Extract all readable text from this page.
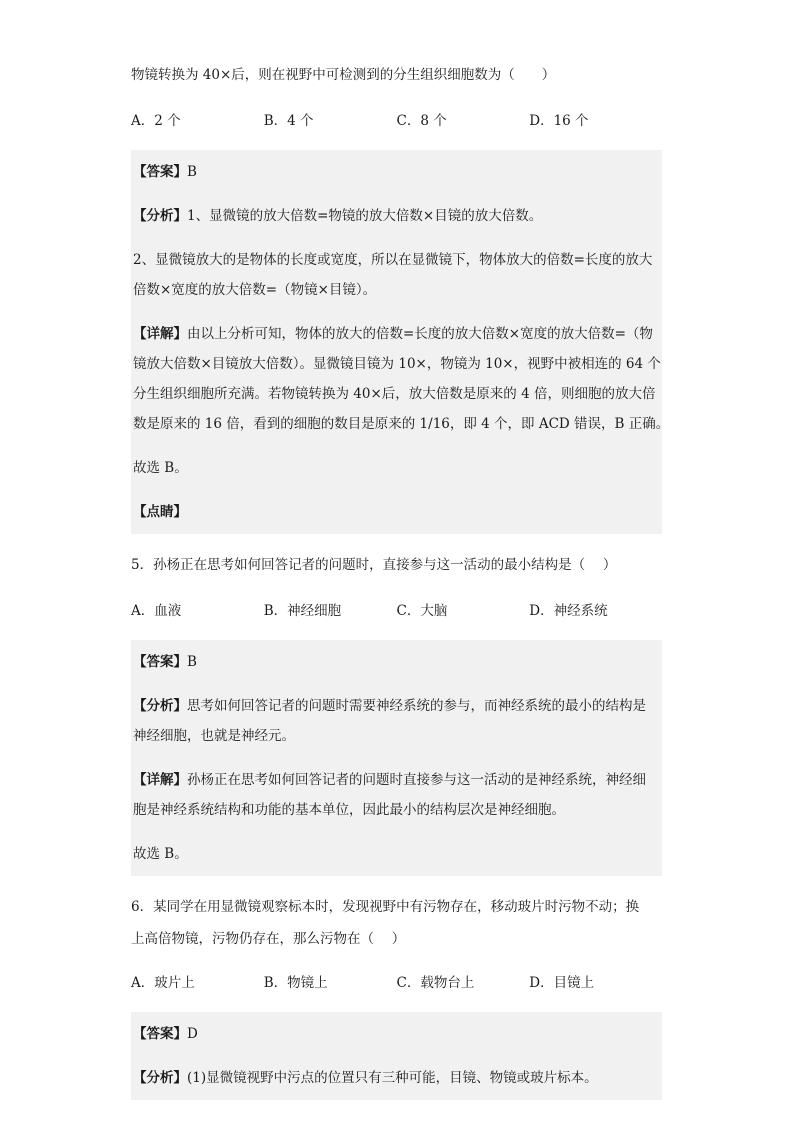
物镜转换为 40×后，则在视野中可检测到的分生组织细胞数为（　　）
A．2 个	B．4 个	C．8 个	D．16 个
【答案】B
【分析】1、显微镜的放大倍数=物镜的放大倍数×目镜的放大倍数。
2、显微镜放大的是物体的长度或宽度，所以在显微镜下，物体放大的倍数=长度的放大
倍数×宽度的放大倍数=（物镜×目镜）。
【详解】由以上分析可知，物体的放大的倍数=长度的放大倍数×宽度的放大倍数=（物
镜放大倍数×目镜放大倍数）。显微镜目镜为 10×，物镜为 10×，视野中被相连的 64 个
分生组织细胞所充满。若物镜转换为 40×后，放大倍数是原来的 4 倍，则细胞的放大倍
数是原来的 16 倍，看到的细胞的数目是原来的 1/16，即 4 个，即 ACD 错误，B 正确。
故选 B。
【点睛】
5．孙杨正在思考如何回答记者的问题时，直接参与这一活动的最小结构是（　 ）
A．血液	B．神经细胞	C．大脑	D．神经系统
【答案】B
【分析】思考如何回答记者的问题时需要神经系统的参与，而神经系统的最小的结构是
神经细胞，也就是神经元。
【详解】孙杨正在思考如何回答记者的问题时直接参与这一活动的是神经系统，神经细
胞是神经系统结构和功能的基本单位，因此最小的结构层次是神经细胞。
故选 B。
6．某同学在用显微镜观察标本时，发现视野中有污物存在，移动玻片时污物不动；换
上高倍物镜，污物仍存在，那么污物在（　 ）
A．玻片上	B．物镜上	C．载物台上	D．目镜上
【答案】D
【分析】(1)显微镜视野中污点的位置只有三种可能，目镜、物镜或玻片标本。
